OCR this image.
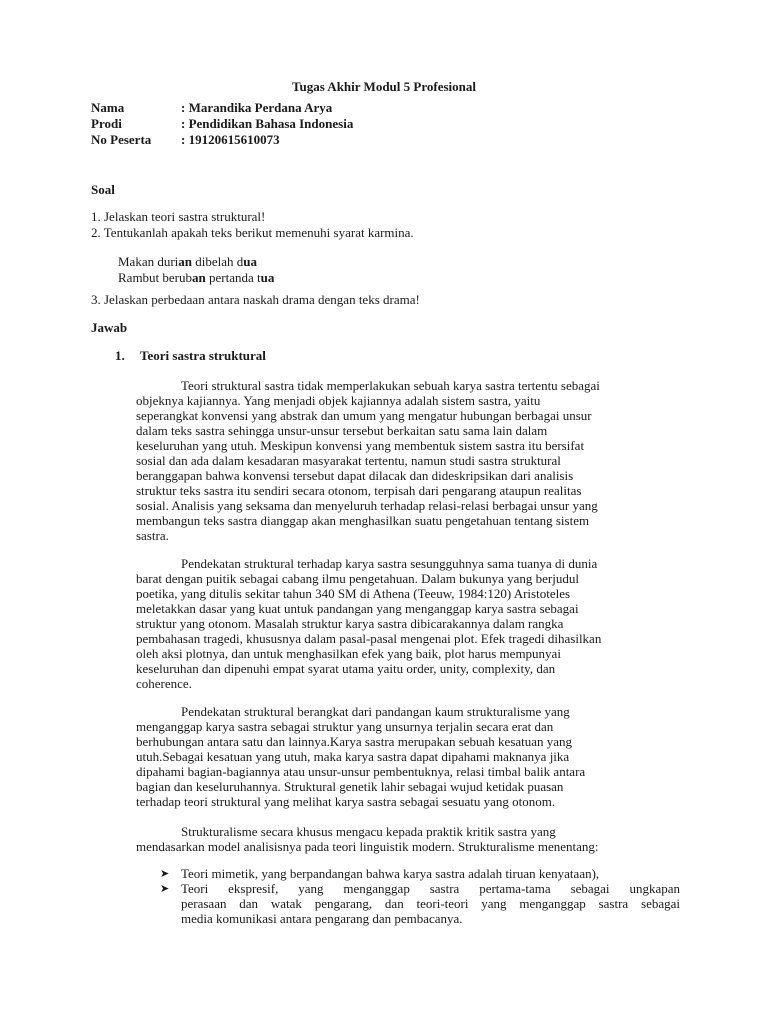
Tugas Akhir Modul 5 Profesional
Nama	: Marandika Perdana Arya
Prodi	: Pendidikan Bahasa Indonesia
No Peserta : 19120615610073
Soal
1. Jelaskan teori sastra struktural!
2. Tentukanlah apakah teks berikut memenuhi syarat karmina.
Makan durian dibelah dua
Rambut beruban pertanda tua
3. Jelaskan perbedaan antara naskah drama dengan teks drama!
Jawab
1. Teori sastra struktural
Teori struktural sastra tidak memperlakukan sebuah karya sastra tertentu sebagai
objeknya kajiannya. Yang menjadi objek kajiannya adalah sistem sastra, yaitu
seperangkat konvensi yang abstrak dan umum yang mengatur hubungan berbagai unsur
dalam teks sastra sehingga unsur-unsur tersebut berkaitan satu sama lain dalam
keseluruhan yang utuh. Meskipun konvensi yang membentuk sistem sastra itu bersifat
sosial dan ada dalam kesadaran masyarakat tertentu, namun studi sastra struktural
beranggapan bahwa konvensi tersebut dapat dilacak dan dideskripsikan dari analisis
struktur teks sastra itu sendiri secara otonom, terpisah dari pengarang ataupun realitas
sosial. Analisis yang seksama dan menyeluruh terhadap relasi-relasi berbagai unsur yang
membangun teks sastra dianggap akan menghasilkan suatu pengetahuan tentang sistem
sastra.
Pendekatan struktural terhadap karya sastra sesungguhnya sama tuanya di dunia
barat dengan puitik sebagai cabang ilmu pengetahuan. Dalam bukunya yang berjudul
poetika, yang ditulis sekitar tahun 340 SM di Athena (Teeuw, 1984:120) Aristoteles
meletakkan dasar yang kuat untuk pandangan yang menganggap karya sastra sebagai
struktur yang otonom. Masalah struktur karya sastra dibicarakannya dalam rangka
pembahasan tragedi, khususnya dalam pasal-pasal mengenai plot. Efek tragedi dihasilkan
oleh aksi plotnya, dan untuk menghasilkan efek yang baik, plot harus mempunyai
keseluruhan dan dipenuhi empat syarat utama yaitu order, unity, complexity, dan
coherence.
Pendekatan struktural berangkat dari pandangan kaum strukturalisme yang
menganggap karya sastra sebagai struktur yang unsurnya terjalin secara erat dan
berhubungan antara satu dan lainnya.Karya sastra merupakan sebuah kesatuan yang
utuh.Sebagai kesatuan yang utuh, maka karya sastra dapat dipahami maknanya jika
dipahami bagian-bagiannya atau unsur-unsur pembentuknya, relasi timbal balik antara
bagian dan keseluruhannya. Struktural genetik lahir sebagai wujud ketidak puasan
terhadap teori struktural yang melihat karya sastra sebagai sesuatu yang otonom.
Strukturalisme secara khusus mengacu kepada praktik kritik sastra yang
mendasarkan model analisisnya pada teori linguistik modern. Strukturalisme menentang:
➤ Teori mimetik, yang berpandangan bahwa karya sastra adalah tiruan kenyataan),
➤ Teori ekspresif, yang menganggap sastra pertama-tama sebagai ungkapan
perasaan dan watak pengarang, dan teori-teori yang menganggap sastra sebagai
media komunikasi antara pengarang dan pembacanya.
